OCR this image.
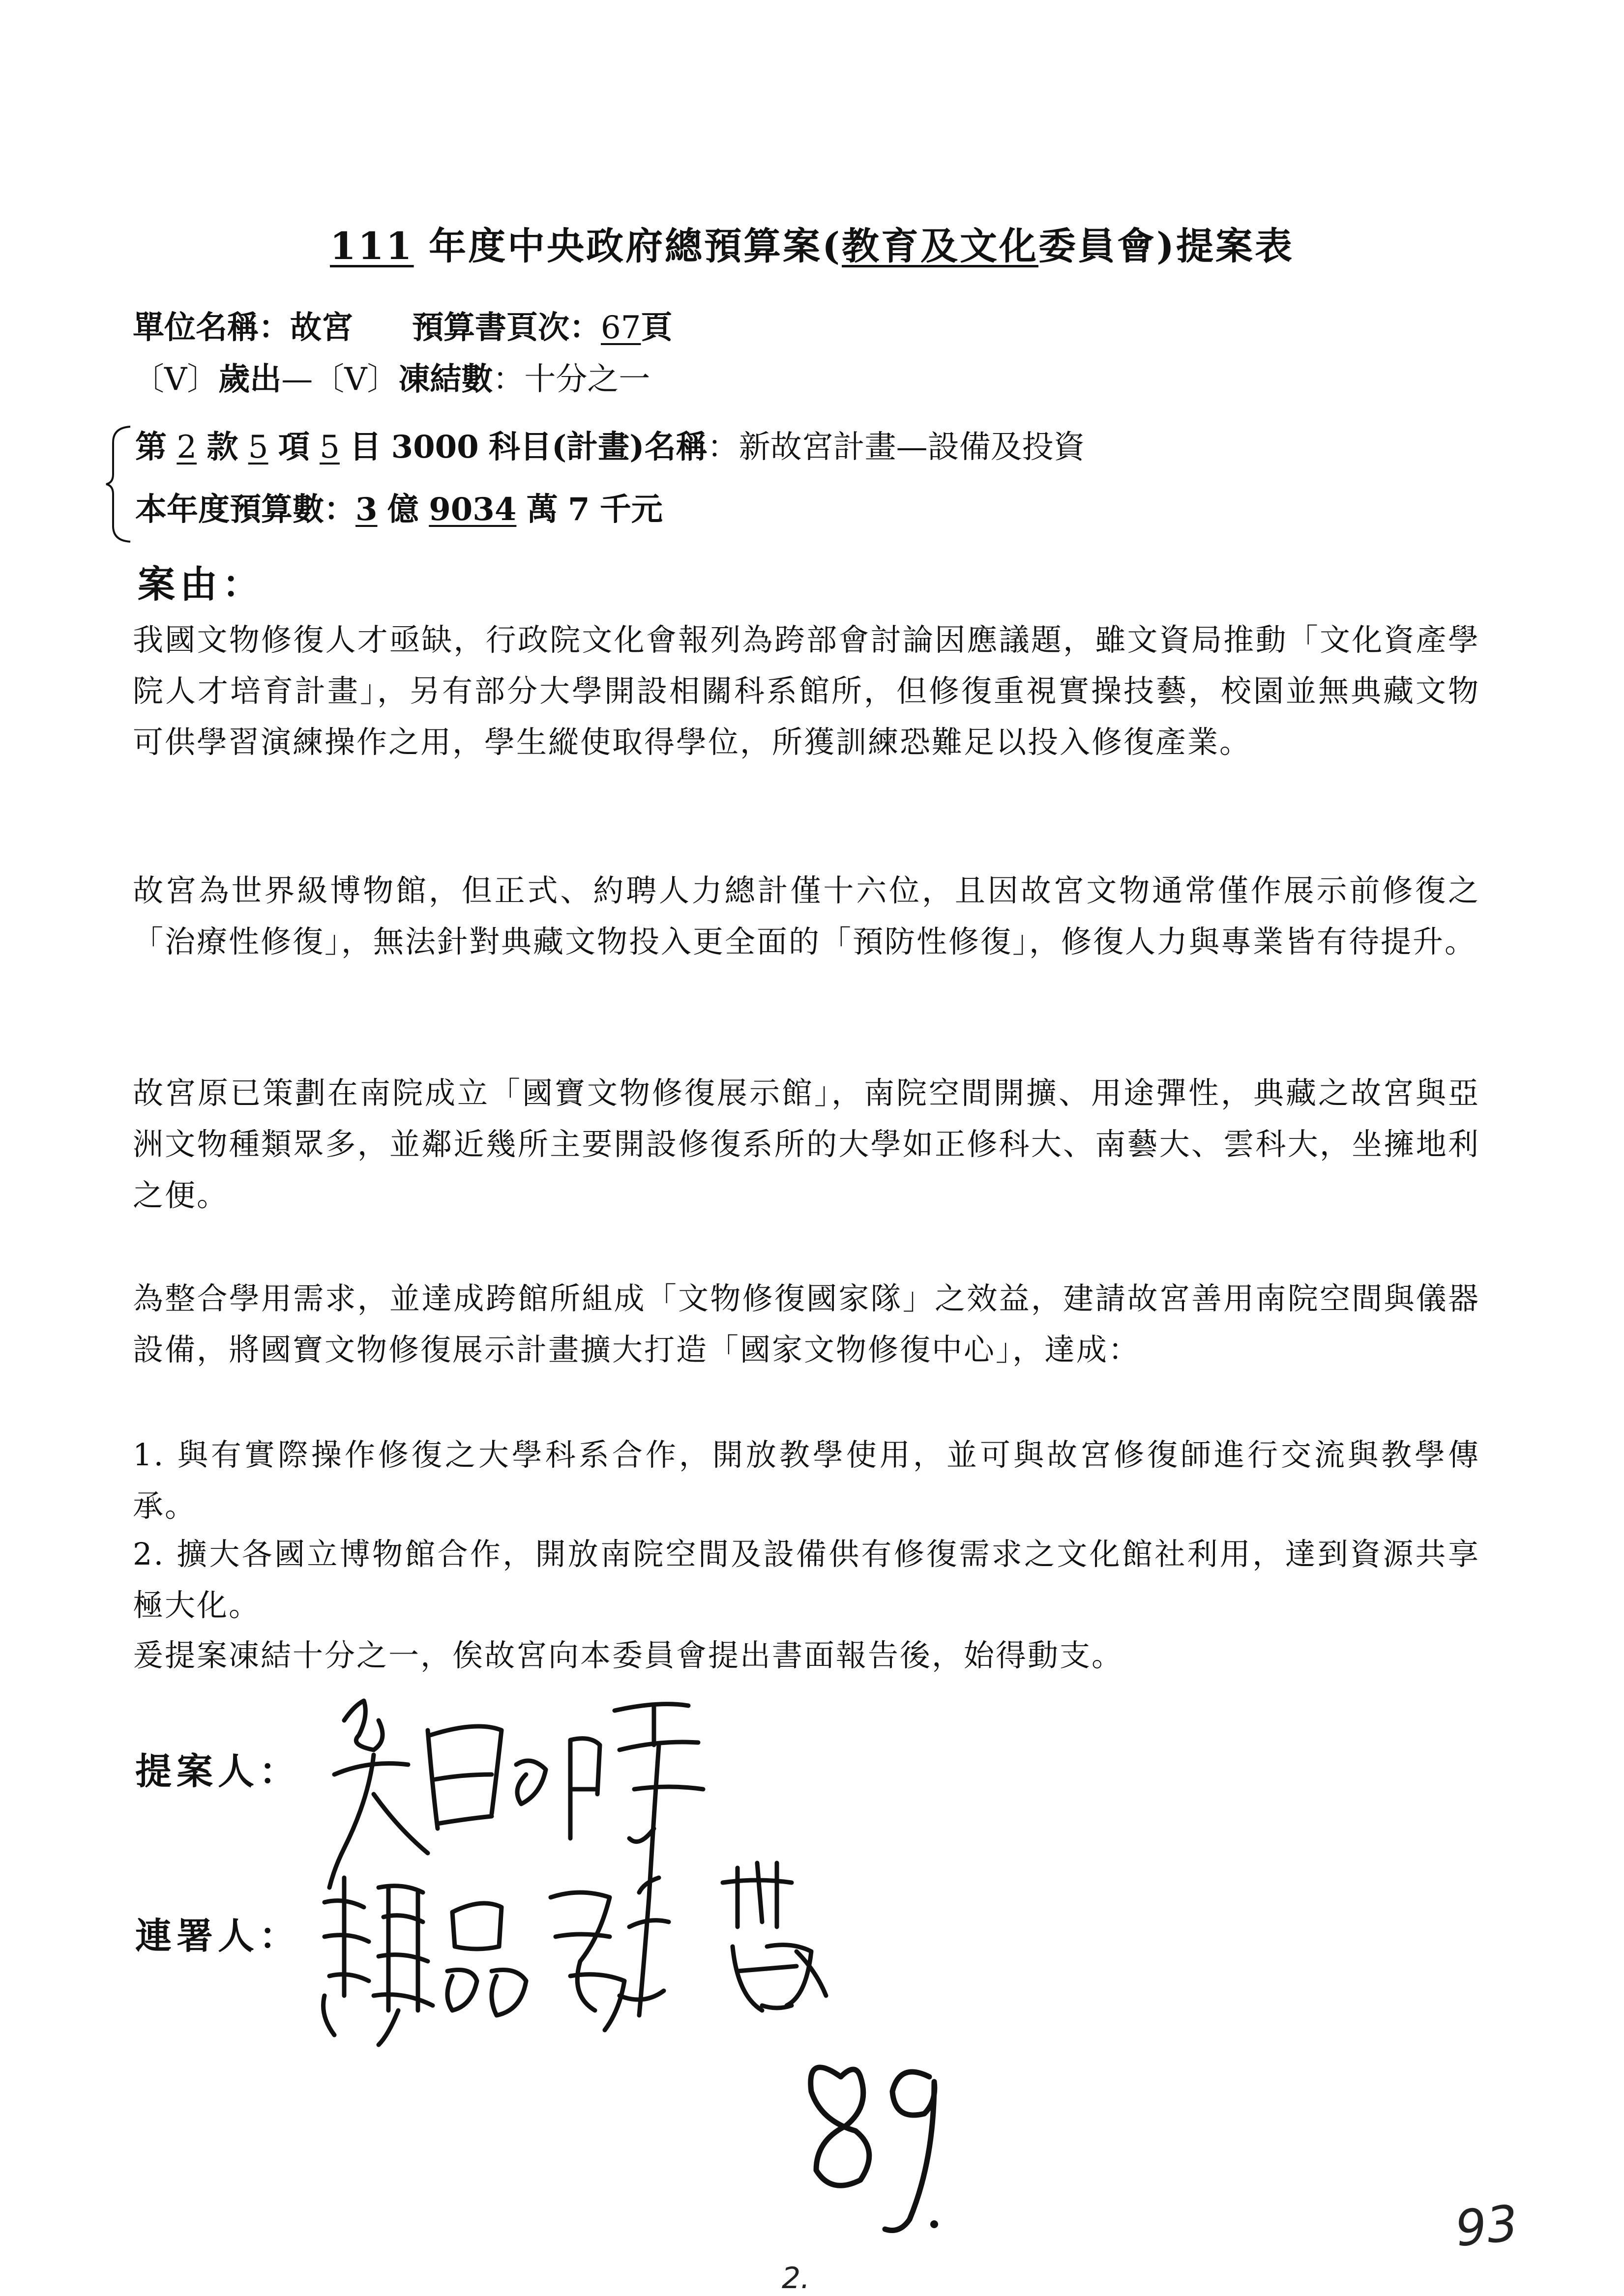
111 年度中央政府總預算案(教育及文化委員會)提案表
單位名稱：故宮 預算書頁次：67頁
〔V〕歲出—〔V〕凍結數：十分之一
第 2 款 5 項 5 目 3000 科目(計畫)名稱：新故宮計畫—設備及投資
本年度預算數：3 億 9034 萬 7 千元
案由：
我國文物修復人才亟缺，行政院文化會報列為跨部會討論因應議題，雖文資局推動「文化資產學院人才培育計畫」，另有部分大學開設相關科系館所，但修復重視實操技藝，校園並無典藏文物可供學習演練操作之用，學生縱使取得學位，所獲訓練恐難足以投入修復產業。
故宮為世界級博物館，但正式、約聘人力總計僅十六位，且因故宮文物通常僅作展示前修復之「治療性修復」，無法針對典藏文物投入更全面的「預防性修復」，修復人力與專業皆有待提升。
故宮原已策劃在南院成立「國寶文物修復展示館」，南院空間開擴、用途彈性，典藏之故宮與亞洲文物種類眾多，並鄰近幾所主要開設修復系所的大學如正修科大、南藝大、雲科大，坐擁地利之便。
為整合學用需求，並達成跨館所組成「文物修復國家隊」之效益，建請故宮善用南院空間與儀器設備，將國寶文物修復展示計畫擴大打造「國家文物修復中心」，達成：
1. 與有實際操作修復之大學科系合作，開放教學使用，並可與故宮修復師進行交流與教學傳承。
2. 擴大各國立博物館合作，開放南院空間及設備供有修復需求之文化館社利用，達到資源共享極大化。
爰提案凍結十分之一，俟故宮向本委員會提出書面報告後，始得動支。
提案人：
連署人：
93
2.
